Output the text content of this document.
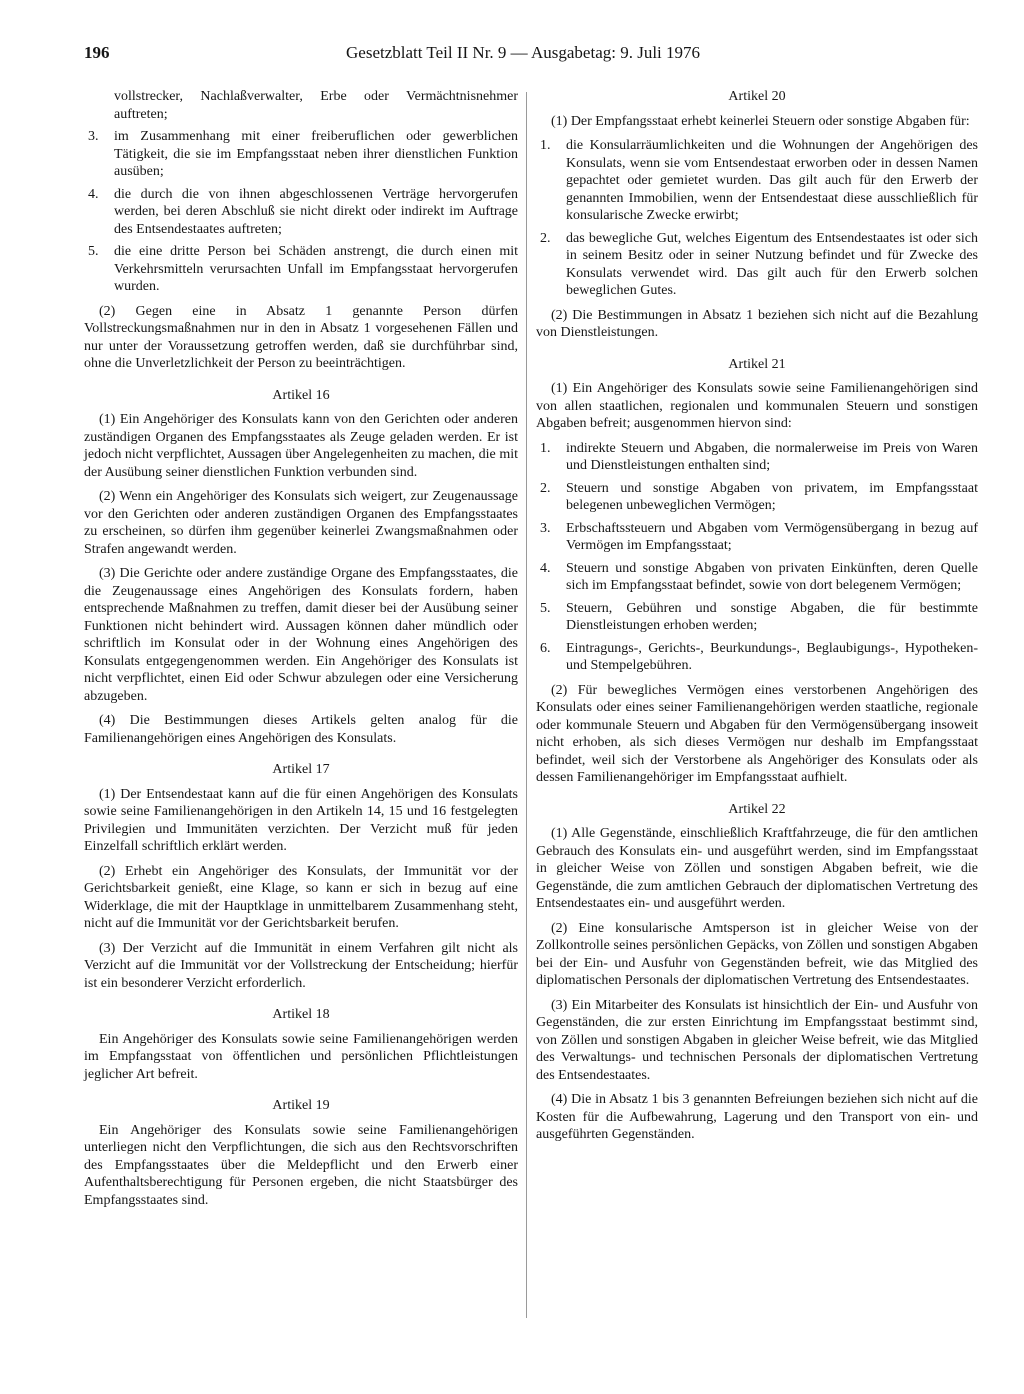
196	Gesetzblatt Teil II Nr. 9 — Ausgabetag: 9. Juli 1976
vollstrecker, Nachlaßverwalter, Erbe oder Vermächtnisnehmer auftreten;
3.	im Zusammenhang mit einer freiberuflichen oder gewerblichen Tätigkeit, die sie im Empfangsstaat neben ihrer dienstlichen Funktion ausüben;
4.	die durch die von ihnen abgeschlossenen Verträge hervorgerufen werden, bei deren Abschluß sie nicht direkt oder indirekt im Auftrage des Entsendestaates auftreten;
5.	die eine dritte Person bei Schäden anstrengt, die durch einen mit Verkehrsmitteln verursachten Unfall im Empfangsstaat hervorgerufen wurden.

(2) Gegen eine in Absatz 1 genannte Person dürfen Vollstreckungsmaßnahmen nur in den in Absatz 1 vorgesehenen Fällen und nur unter der Voraussetzung getroffen werden, daß sie durchführbar sind, ohne die Unverletzlichkeit der Person zu beeinträchtigen.

Artikel 16

(1) Ein Angehöriger des Konsulats kann von den Gerichten oder anderen zuständigen Organen des Empfangsstaates als Zeuge geladen werden. Er ist jedoch nicht verpflichtet, Aussagen über Angelegenheiten zu machen, die mit der Ausübung seiner dienstlichen Funktion verbunden sind.

(2) Wenn ein Angehöriger des Konsulats sich weigert, zur Zeugenaussage vor den Gerichten oder anderen zuständigen Organen des Empfangsstaates zu erscheinen, so dürfen ihm gegenüber keinerlei Zwangsmaßnahmen oder Strafen angewandt werden.

(3) Die Gerichte oder andere zuständige Organe des Empfangsstaates, die die Zeugenaussage eines Angehörigen des Konsulats fordern, haben entsprechende Maßnahmen zu treffen, damit dieser bei der Ausübung seiner Funktionen nicht behindert wird. Aussagen können daher mündlich oder schriftlich im Konsulat oder in der Wohnung eines Angehörigen des Konsulats entgegengenommen werden. Ein Angehöriger des Konsulats ist nicht verpflichtet, einen Eid oder Schwur abzulegen oder eine Versicherung abzugeben.

(4) Die Bestimmungen dieses Artikels gelten analog für die Familienangehörigen eines Angehörigen des Konsulats.

Artikel 17

(1) Der Entsendestaat kann auf die für einen Angehörigen des Konsulats sowie seine Familienangehörigen in den Artikeln 14, 15 und 16 festgelegten Privilegien und Immunitäten verzichten. Der Verzicht muß für jeden Einzelfall schriftlich erklärt werden.

(2) Erhebt ein Angehöriger des Konsulats, der Immunität vor der Gerichtsbarkeit genießt, eine Klage, so kann er sich in bezug auf eine Widerklage, die mit der Hauptklage in unmittelbarem Zusammenhang steht, nicht auf die Immunität vor der Gerichtsbarkeit berufen.

(3) Der Verzicht auf die Immunität in einem Verfahren gilt nicht als Verzicht auf die Immunität vor der Vollstreckung der Entscheidung; hierfür ist ein besonderer Verzicht erforderlich.

Artikel 18

Ein Angehöriger des Konsulats sowie seine Familienangehörigen werden im Empfangsstaat von öffentlichen und persönlichen Pflichtleistungen jeglicher Art befreit.

Artikel 19

Ein Angehöriger des Konsulats sowie seine Familienangehörigen unterliegen nicht den Verpflichtungen, die sich aus den Rechtsvorschriften des Empfangsstaates über die Meldepflicht und den Erwerb einer Aufenthaltsberechtigung für Personen ergeben, die nicht Staatsbürger des Empfangsstaates sind.

Artikel 20

(1) Der Empfangsstaat erhebt keinerlei Steuern oder sonstige Abgaben für:

1.	die Konsularräumlichkeiten und die Wohnungen der Angehörigen des Konsulats, wenn sie vom Entsendestaat erworben oder in dessen Namen gepachtet oder gemietet wurden. Das gilt auch für den Erwerb der genannten Immobilien, wenn der Entsendestaat diese ausschließlich für konsularische Zwecke erwirbt;
2.	das bewegliche Gut, welches Eigentum des Entsendestaates ist oder sich in seinem Besitz oder in seiner Nutzung befindet und für Zwecke des Konsulats verwendet wird. Das gilt auch für den Erwerb solchen beweglichen Gutes.

(2) Die Bestimmungen in Absatz 1 beziehen sich nicht auf die Bezahlung von Dienstleistungen.

Artikel 21

(1) Ein Angehöriger des Konsulats sowie seine Familienangehörigen sind von allen staatlichen, regionalen und kommunalen Steuern und sonstigen Abgaben befreit; ausgenommen hiervon sind:

1.	indirekte Steuern und Abgaben, die normalerweise im Preis von Waren und Dienstleistungen enthalten sind;
2.	Steuern und sonstige Abgaben von privatem, im Empfangsstaat belegenen unbeweglichen Vermögen;
3.	Erbschaftssteuern und Abgaben vom Vermögensübergang in bezug auf Vermögen im Empfangsstaat;
4.	Steuern und sonstige Abgaben von privaten Einkünften, deren Quelle sich im Empfangsstaat befindet, sowie von dort belegenem Vermögen;
5.	Steuern, Gebühren und sonstige Abgaben, die für bestimmte Dienstleistungen erhoben werden;
6.	Eintragungs-, Gerichts-, Beurkundungs-, Beglaubigungs-, Hypotheken- und Stempelgebühren.

(2) Für bewegliches Vermögen eines verstorbenen Angehörigen des Konsulats oder eines seiner Familienangehörigen werden staatliche, regionale oder kommunale Steuern und Abgaben für den Vermögensübergang insoweit nicht erhoben, als sich dieses Vermögen nur deshalb im Empfangsstaat befindet, weil sich der Verstorbene als Angehöriger des Konsulats oder als dessen Familienangehöriger im Empfangsstaat aufhielt.

Artikel 22

(1) Alle Gegenstände, einschließlich Kraftfahrzeuge, die für den amtlichen Gebrauch des Konsulats ein- und ausgeführt werden, sind im Empfangsstaat in gleicher Weise von Zöllen und sonstigen Abgaben befreit, wie die Gegenstände, die zum amtlichen Gebrauch der diplomatischen Vertretung des Entsendestaates ein- und ausgeführt werden.

(2) Eine konsularische Amtsperson ist in gleicher Weise von der Zollkontrolle seines persönlichen Gepäcks, von Zöllen und sonstigen Abgaben bei der Ein- und Ausfuhr von Gegenständen befreit, wie das Mitglied des diplomatischen Personals der diplomatischen Vertretung des Entsendestaates.

(3) Ein Mitarbeiter des Konsulats ist hinsichtlich der Ein- und Ausfuhr von Gegenständen, die zur ersten Einrichtung im Empfangsstaat bestimmt sind, von Zöllen und sonstigen Abgaben in gleicher Weise befreit, wie das Mitglied des Verwaltungs- und technischen Personals der diplomatischen Vertretung des Entsendestaates.

(4) Die in Absatz 1 bis 3 genannten Befreiungen beziehen sich nicht auf die Kosten für die Aufbewahrung, Lagerung und den Transport von ein- und ausgeführten Gegenständen.
